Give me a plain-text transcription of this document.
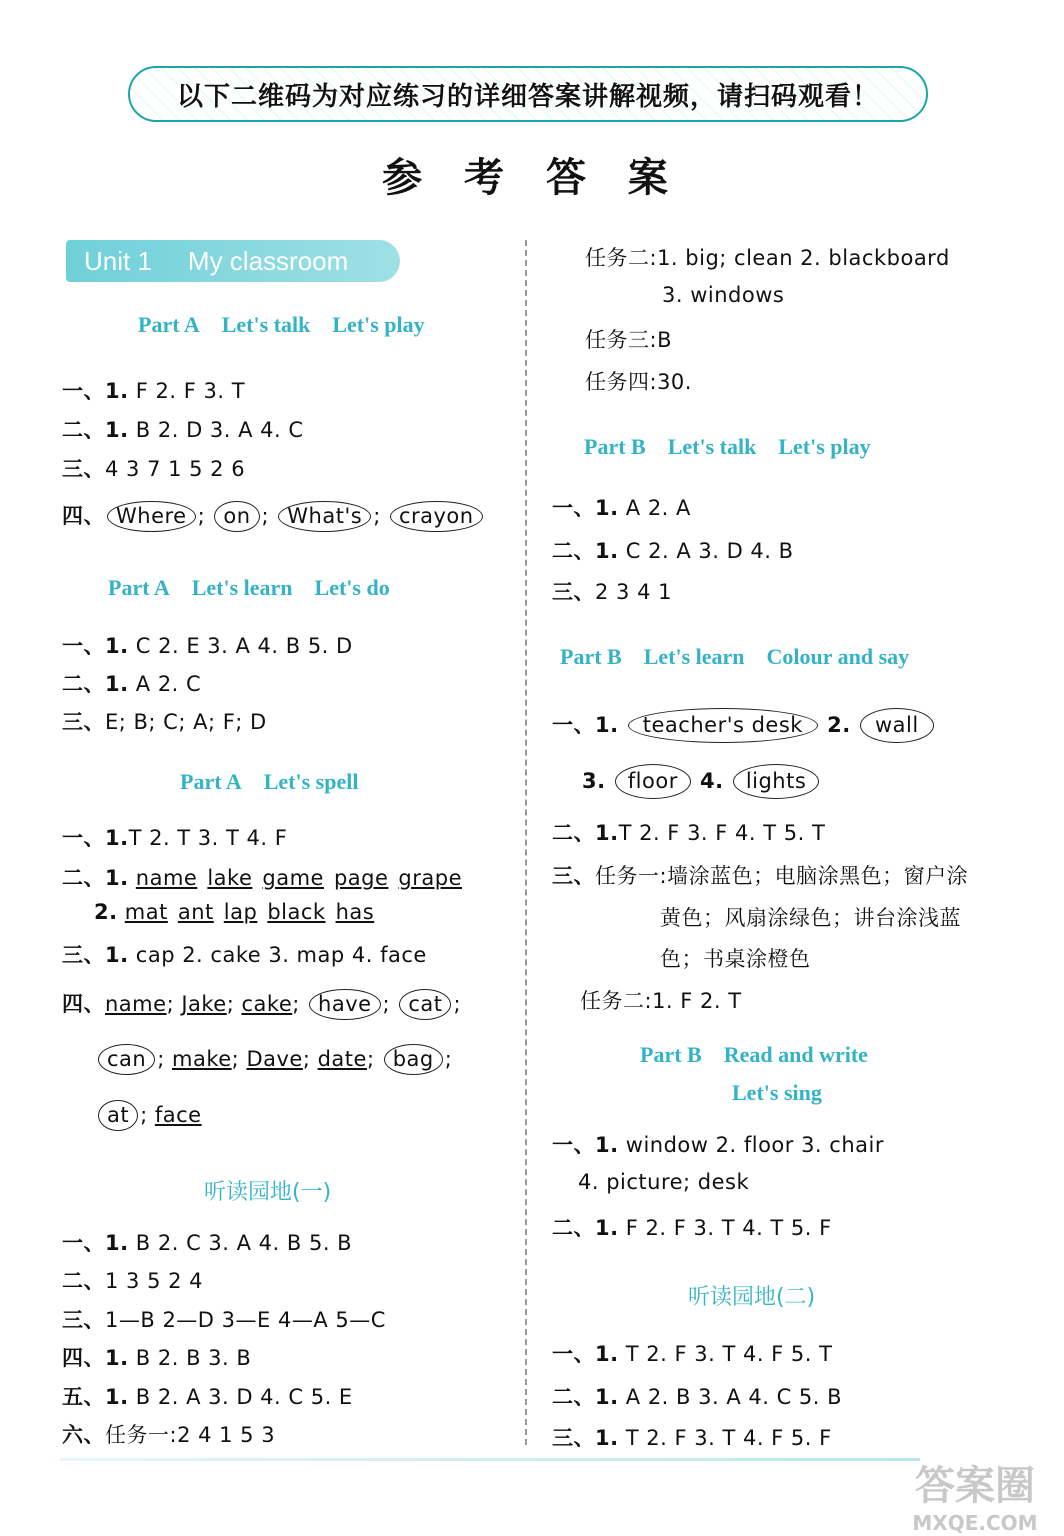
以下二维码为对应练习的详细答案讲解视频，请扫码观看！
参 考 答 案
Unit 1 My classroom
Part A Let's talk Let's play
一、1. F 2. F 3. T
二、1. B 2. D 3. A 4. C
三、4 3 7 1 5 2 6
四、 Where ; on ; What's ; crayon
Part A Let's learn Let's do
一、1. C 2. E 3. A 4. B 5. D
二、1. A 2. C
三、E; B; C; A; F; D
Part A Let's spell
一、1.T 2. T 3. T 4. F
二、1. name lake game page grape
2. mat ant lap black has
三、1. cap 2. cake 3. map 4. face
四、name; Jake; cake; have ; cat ;
can ; make; Dave; date; bag ;
at ; face
听读园地(一)
一、1. B 2. C 3. A 4. B 5. B
二、1 3 5 2 4
三、1—B 2—D 3—E 4—A 5—C
四、1. B 2. B 3. B
五、1. B 2. A 3. D 4. C 5. E
六、任务一:2 4 1 5 3
任务二:1. big; clean 2. blackboard
3. windows
任务三:B
任务四:30.
Part B Let's talk Let's play
一、1. A 2. A
二、1. C 2. A 3. D 4. B
三、2 3 4 1
Part B Let's learn Colour and say
一、1. teacher's desk 2. wall
3. floor 4. lights
二、1.T 2. F 3. F 4. T 5. T
三、任务一:墙涂蓝色；电脑涂黑色；窗户涂
黄色；风扇涂绿色；讲台涂浅蓝
色；书桌涂橙色
任务二:1. F 2. T
Part B Read and write
Let's sing
一、1. window 2. floor 3. chair
4. picture; desk
二、1. F 2. F 3. T 4. T 5. F
听读园地(二)
一、1. T 2. F 3. T 4. F 5. T
二、1. A 2. B 3. A 4. C 5. B
三、1. T 2. F 3. T 4. F 5. F
答案圈
MXQE.COM
